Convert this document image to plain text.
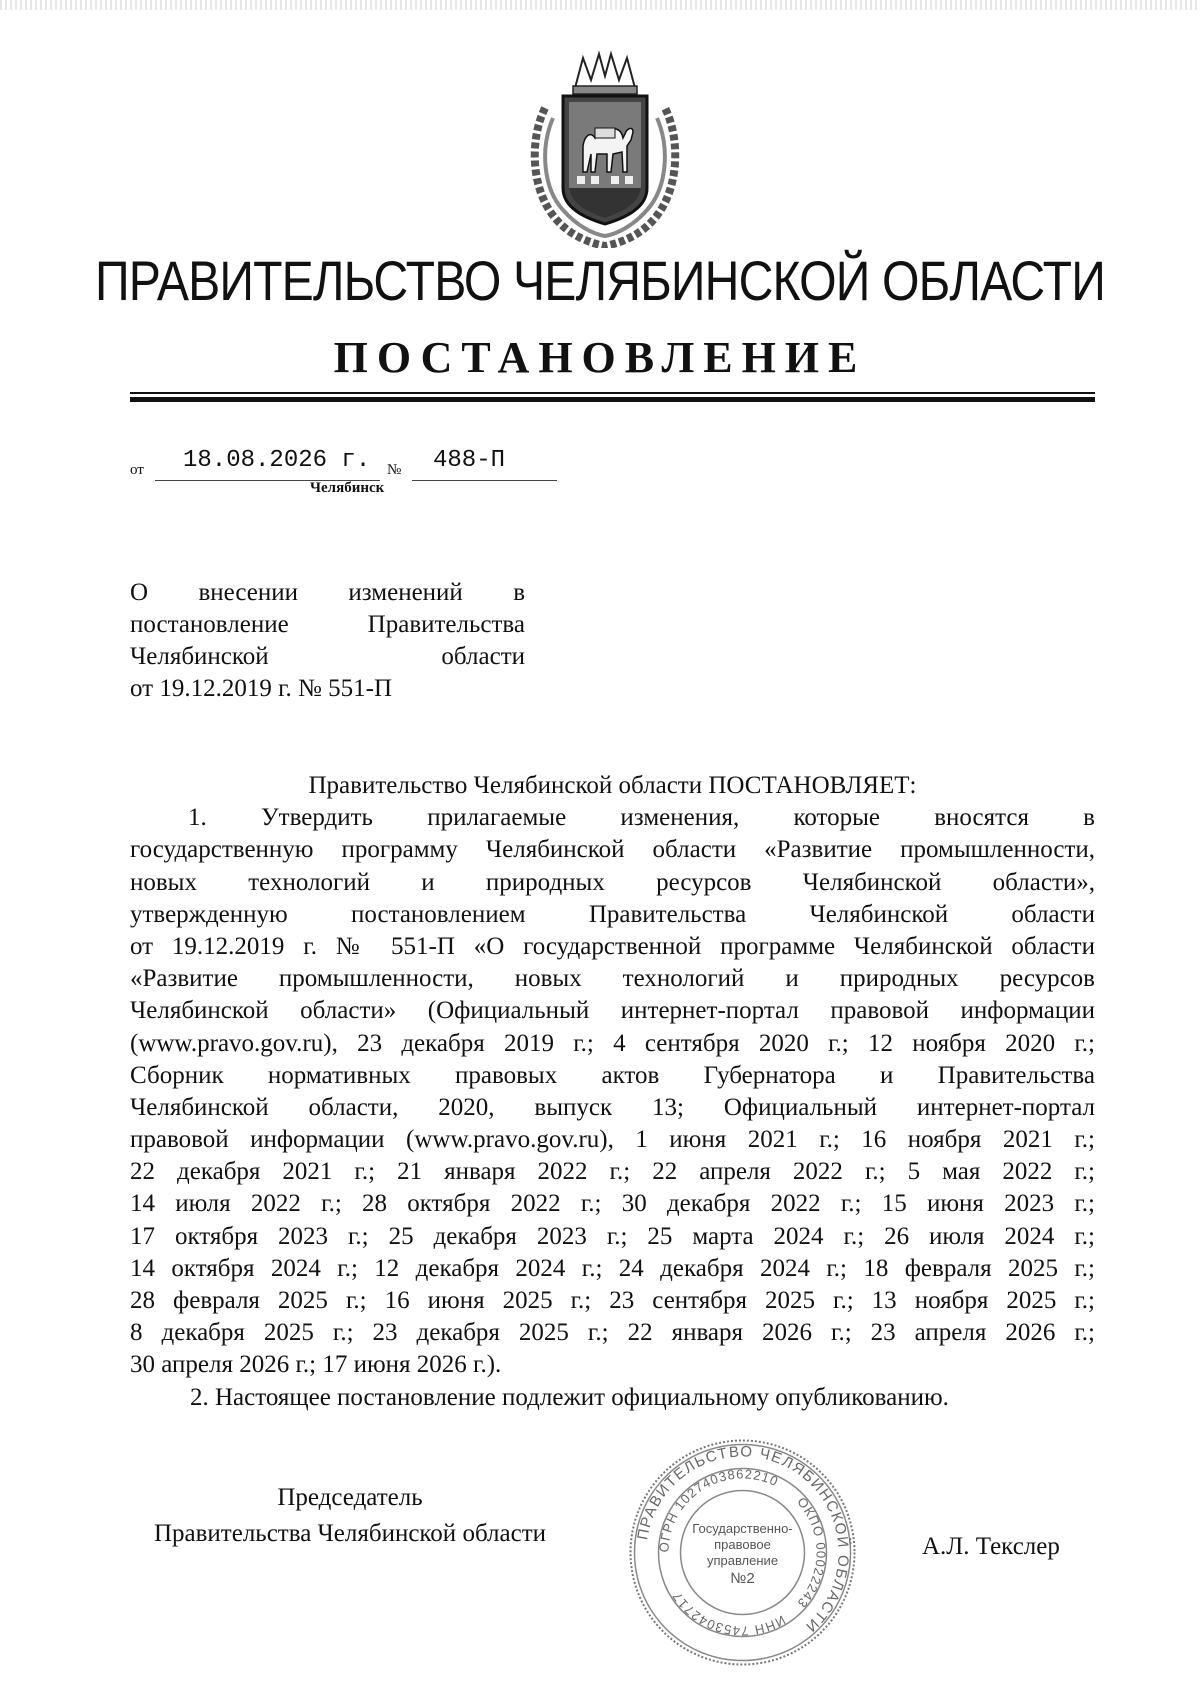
ПРАВИТЕЛЬСТВО ЧЕЛЯБИНСКОЙ ОБЛАСТИ
ПОСТАНОВЛЕНИЕ
от 18.08.2026 г. № 488-П
Челябинск
О внесении изменений в
постановление Правительства
Челябинской области
от 19.12.2019 г. № 551-П
Правительство Челябинской области ПОСТАНОВЛЯЕТ:
1. Утвердить прилагаемые изменения, которые вносятся в
государственную программу Челябинской области «Развитие промышленности,
новых технологий и природных ресурсов Челябинской области»,
утвержденную постановлением Правительства Челябинской области
от 19.12.2019 г. № 551-П «О государственной программе Челябинской области
«Развитие промышленности, новых технологий и природных ресурсов
Челябинской области» (Официальный интернет-портал правовой информации
(www.pravo.gov.ru), 23 декабря 2019 г.; 4 сентября 2020 г.; 12 ноября 2020 г.;
Сборник нормативных правовых актов Губернатора и Правительства
Челябинской области, 2020, выпуск 13; Официальный интернет-портал
правовой информации (www.pravo.gov.ru), 1 июня 2021 г.; 16 ноября 2021 г.;
22 декабря 2021 г.; 21 января 2022 г.; 22 апреля 2022 г.; 5 мая 2022 г.;
14 июля 2022 г.; 28 октября 2022 г.; 30 декабря 2022 г.; 15 июня 2023 г.;
17 октября 2023 г.; 25 декабря 2023 г.; 25 марта 2024 г.; 26 июля 2024 г.;
14 октября 2024 г.; 12 декабря 2024 г.; 24 декабря 2024 г.; 18 февраля 2025 г.;
28 февраля 2025 г.; 16 июня 2025 г.; 23 сентября 2025 г.; 13 ноября 2025 г.;
8 декабря 2025 г.; 23 декабря 2025 г.; 22 января 2026 г.; 23 апреля 2026 г.;
30 апреля 2026 г.; 17 июня 2026 г.).
2. Настоящее постановление подлежит официальному опубликованию.
Председатель
Правительства Челябинской области	А.Л. Текслер
ПРАВИТЕЛЬСТВО ЧЕЛЯБИНСКОЙ ОБЛАСТИ
ОГРН 1027403862210
ОКПО 00022243
ИНН 7453042717
Государственно-
правовое
управление
№2
